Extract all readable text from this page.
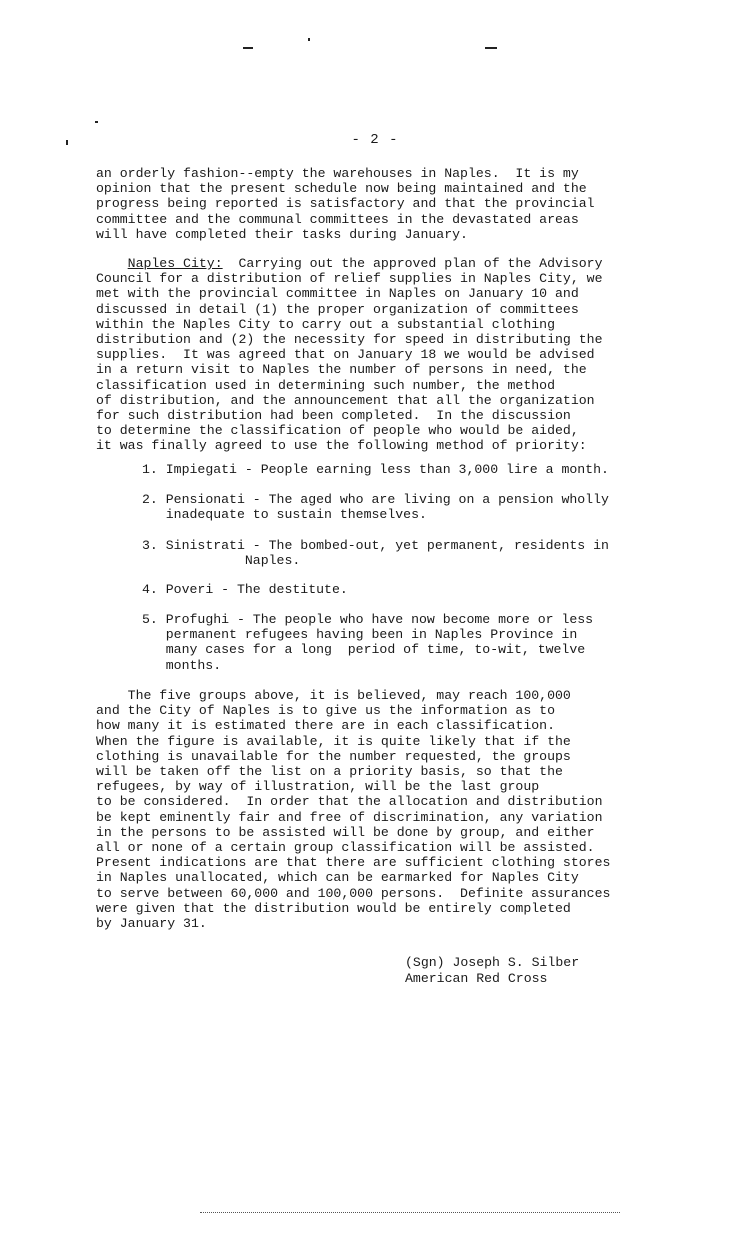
- 2 -
an orderly fashion--empty the warehouses in Naples.  It is my
opinion that the present schedule now being maintained and the
progress being reported is satisfactory and that the provincial
committee and the communal committees in the devastated areas
will have completed their tasks during January.
Naples City:  Carrying out the approved plan of the Advisory
Council for a distribution of relief supplies in Naples City, we
met with the provincial committee in Naples on January 10 and
discussed in detail (1) the proper organization of committees
within the Naples City to carry out a substantial clothing
distribution and (2) the necessity for speed in distributing the
supplies.  It was agreed that on January 18 we would be advised
in a return visit to Naples the number of persons in need, the
classification used in determining such number, the method
of distribution, and the announcement that all the organization
for such distribution had been completed.  In the discussion
to determine the classification of people who would be aided,
it was finally agreed to use the following method of priority:
1. Impiegati - People earning less than 3,000 lire a month.
2. Pensionati - The aged who are living on a pension wholly
inadequate to sustain themselves.
3. Sinistrati - The bombed-out, yet permanent, residents in
Naples.
4. Poveri - The destitute.
5. Profughi - The people who have now become more or less
permanent refugees having been in Naples Province in
many cases for a long  period of time, to-wit, twelve
months.
The five groups above, it is believed, may reach 100,000
and the City of Naples is to give us the information as to
how many it is estimated there are in each classification.
When the figure is available, it is quite likely that if the
clothing is unavailable for the number requested, the groups
will be taken off the list on a priority basis, so that the
refugees, by way of illustration, will be the last group
to be considered.  In order that the allocation and distribution
be kept eminently fair and free of discrimination, any variation
in the persons to be assisted will be done by group, and either
all or none of a certain group classification will be assisted.
Present indications are that there are sufficient clothing stores
in Naples unallocated, which can be earmarked for Naples City
to serve between 60,000 and 100,000 persons.  Definite assurances
were given that the distribution would be entirely completed
by January 31.
(Sgn) Joseph S. Silber
American Red Cross
